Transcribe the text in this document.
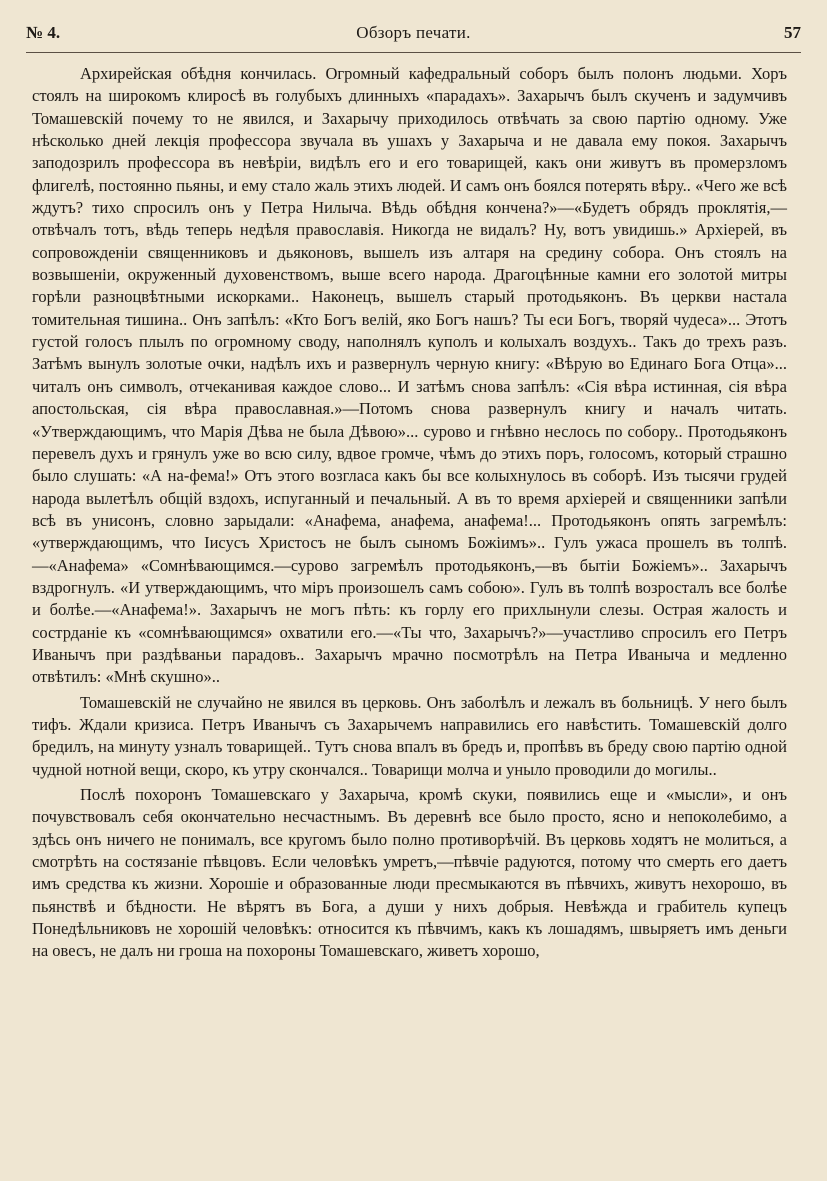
№ 4.	Обзоръ печати.	57

Архирейская обѣдня кончилась. Огромный кафедральный соборъ былъ полонъ людьми. Хоръ стоялъ на широкомъ клиросѣ въ голубыхъ длинныхъ «парадахъ». Захарычъ былъ скученъ и задумчивъ Томашевскій почему то не явился, и Захарычу приходилось отвѣчать за свою партію одному. Уже нѣсколько дней лекція профессора звучала въ ушахъ у Захарыча и не давала ему покоя. Захарычъ заподозрилъ профессора въ невѣріи, видѣлъ его и его товарищей, какъ они живутъ въ промерзломъ флигелѣ, постоянно пьяны, и ему стало жаль этихъ людей. И самъ онъ боялся потерять вѣру.. «Чего же всѣ ждутъ? тихо спросилъ онъ у Петра Нилыча. Вѣдь обѣдня кончена?»—«Будетъ обрядъ проклятія,—отвѣчалъ тотъ, вѣдь теперь недѣля православія. Никогда не видалъ? Ну, вотъ увидишь.» Архіерей, въ сопровожденіи священниковъ и дьяконовъ, вышелъ изъ алтаря на средину собора. Онъ стоялъ на возвышеніи, окруженный духовенствомъ, выше всего народа. Драгоцѣнные камни его золотой митры горѣли разноцвѣтными искорками.. Наконецъ, вышелъ старый протодьяконъ. Въ церкви настала томительная тишина.. Онъ запѣлъ: «Кто Богъ велій, яко Богъ нашъ? Ты еси Богъ, творяй чудеса»... Этотъ густой голосъ плылъ по огромному своду, наполнялъ куполъ и колыхалъ воздухъ.. Такъ до трехъ разъ. Затѣмъ вынулъ золотые очки, надѣлъ ихъ и развернулъ черную книгу: «Вѣрую во Единаго Бога Отца»... читалъ онъ символъ, отчеканивая каждое слово... И затѣмъ снова запѣлъ: «Сія вѣра истинная, сія вѣра апостольская, сія вѣра православная.»—Потомъ снова развернулъ книгу и началъ читать. «Утверждающимъ, что Марія Дѣва не была Дѣвою»... сурово и гнѣвно неслось по собору.. Протодьяконъ перевелъ духъ и грянулъ уже во всю силу, вдвое громче, чѣмъ до этихъ поръ, голосомъ, который страшно было слушать: «А на-фема!» Отъ этого возгласа какъ бы все колыхнулось въ соборѣ. Изъ тысячи грудей народа вылетѣлъ общій вздохъ, испуганный и печальный. А въ то время архіерей и священники запѣли всѣ въ унисонъ, словно зарыдали: «Анафема, анафема, анафема!... Протодьяконъ опять загремѣлъ: «утверждающимъ, что Іисусъ Христосъ не былъ сыномъ Божіимъ».. Гулъ ужаса прошелъ въ толпѣ.—«Анафема» «Сомнѣвающимся.—сурово загремѣлъ протодьяконъ,—въ бытіи Божіемъ».. Захарычъ вздрогнулъ. «И утверждающимъ, что міръ произошелъ самъ собою». Гулъ въ толпѣ возросталъ все болѣе и болѣе.—«Анафема!». Захарычъ не могъ пѣть: къ горлу его прихлынули слезы. Острая жалость и сострданіе къ «сомнѣвающимся» охватили его.—«Ты что, Захарычъ?»—участливо спросилъ его Петръ Иванычъ при раздѣваньи парадовъ.. Захарычъ мрачно посмотрѣлъ на Петра Иваныча и медленно отвѣтилъ: «Мнѣ скушно»..

Томашевскій не случайно не явился въ церковь. Онъ заболѣлъ и лежалъ въ больницѣ. У него былъ тифъ. Ждали кризиса. Петръ Иванычъ съ Захарычемъ направились его навѣстить. Томашевскій долго бредилъ, на минуту узналъ товарищей.. Тутъ снова впалъ въ бредъ и, пропѣвъ въ бреду свою партію одной чудной нотной вещи, скоро, къ утру скончался.. Товарищи молча и уныло проводили до могилы..

Послѣ похоронъ Томашевскаго у Захарыча, кромѣ скуки, появились еще и «мысли», и онъ почувствовалъ себя окончательно несчастнымъ. Въ деревнѣ все было просто, ясно и непоколебимо, а здѣсь онъ ничего не понималъ, все кругомъ было полно противорѣчій. Въ церковь ходятъ не молиться, а смотрѣть на состязаніе пѣвцовъ. Если человѣкъ умретъ,—пѣвчіе радуются, потому что смерть его даетъ имъ средства къ жизни. Хорошіе и образованные люди пресмыкаются въ пѣвчихъ, живутъ нехорошо, въ пьянствѣ и бѣдности. Не вѣрятъ въ Бога, а души у нихъ добрыя. Невѣжда и грабитель купецъ Понедѣльниковъ не хорошій человѣкъ: относится къ пѣвчимъ, какъ къ лошадямъ, швыряетъ имъ деньги на овесъ, не далъ ни гроша на похороны Томашевскаго, живетъ хорошо,
